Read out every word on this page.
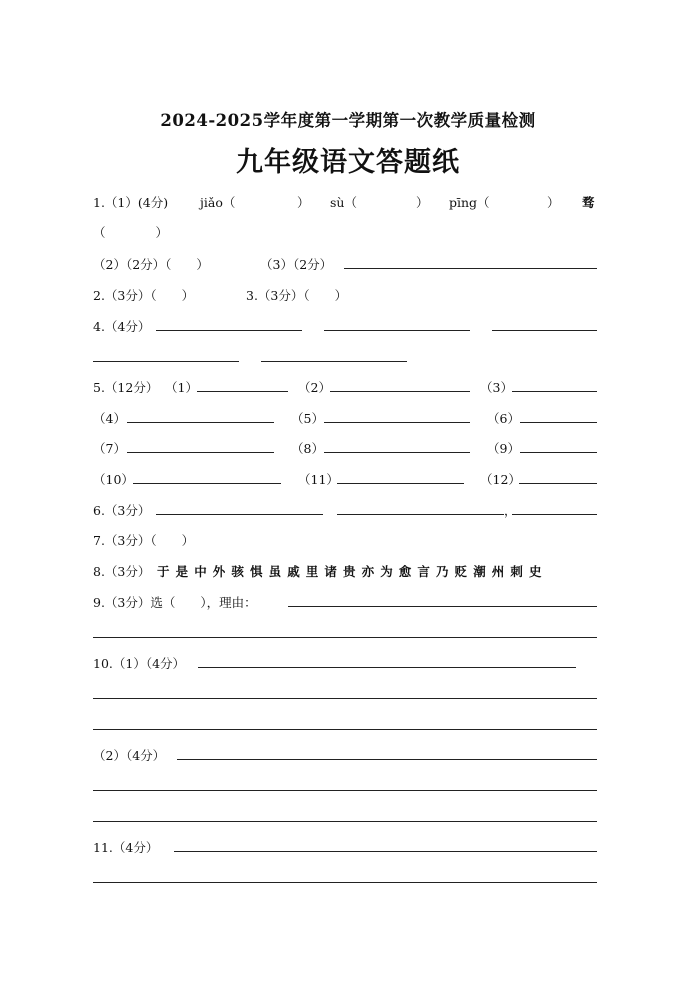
2024-2025学年度第一学期第一次教学质量检测
九年级语文答题纸
1.（1）(4分)	jiǎo（	） sù（	） pīng（	） 骛
（　　　　）
（2）（2分）（　　）	（3）（2分）
2.（3分）（　　）	3.（3分）（　　）
4.（4分）
5.（12分） （1）	（2）	（3）
（4）	（5）	（6）
（7）	（8）	（9）
（10）	（11）	（12）
6.（3分）	，
7.（3分）（　　）
8.（3分） 于是中外骇惧虽戚里诸贵亦为愈言乃贬潮州刺史
9.（3分）选（　　），理由：
10.（1）（4分）
（2）（4分）
11.（4分）
